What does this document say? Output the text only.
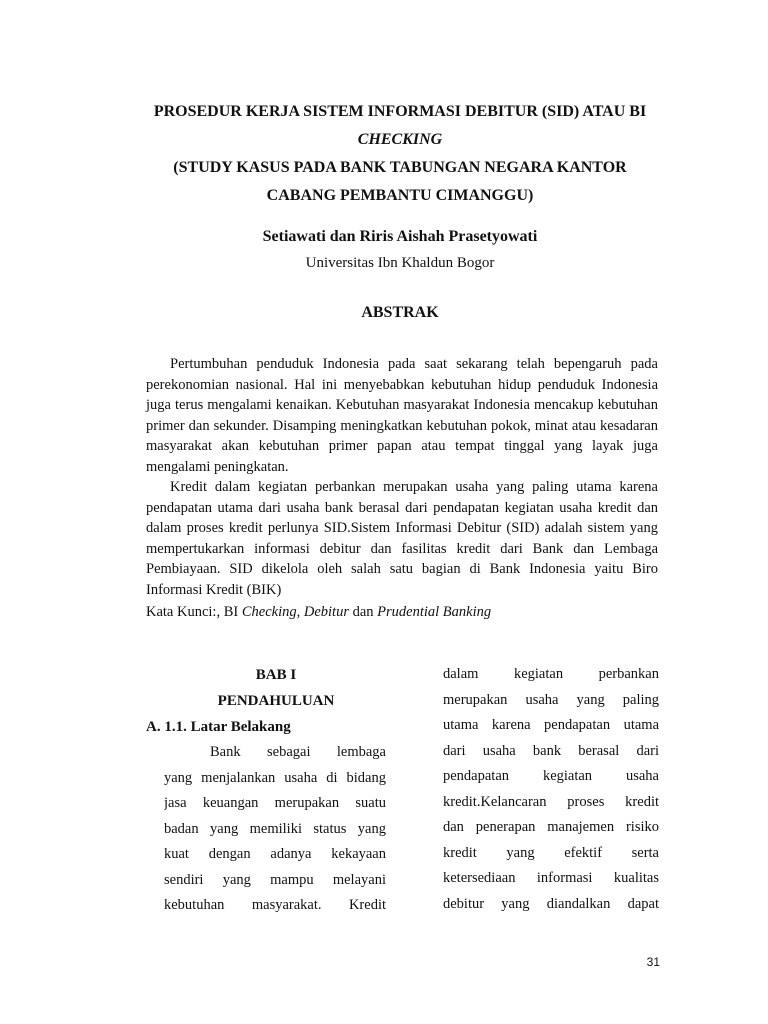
PROSEDUR KERJA SISTEM INFORMASI DEBITUR (SID) ATAU BI
CHECKING
(STUDY KASUS PADA BANK TABUNGAN NEGARA KANTOR
CABANG PEMBANTU CIMANGGU)
Setiawati dan Riris Aishah Prasetyowati
Universitas Ibn Khaldun Bogor
ABSTRAK

Pertumbuhan penduduk Indonesia pada saat sekarang telah bepengaruh pada perekonomian nasional. Hal ini menyebabkan kebutuhan hidup penduduk Indonesia juga terus mengalami kenaikan. Kebutuhan masyarakat Indonesia mencakup kebutuhan primer dan sekunder. Disamping meningkatkan kebutuhan pokok, minat atau kesadaran masyarakat akan kebutuhan primer papan atau tempat tinggal yang layak juga mengalami peningkatan.

Kredit dalam kegiatan perbankan merupakan usaha yang paling utama karena pendapatan utama dari usaha bank berasal dari pendapatan kegiatan usaha kredit dan dalam proses kredit perlunya SID.Sistem Informasi Debitur (SID) adalah sistem yang mempertukarkan informasi debitur dan fasilitas kredit dari Bank dan Lembaga Pembiayaan. SID dikelola oleh salah satu bagian di Bank Indonesia yaitu Biro Informasi Kredit (BIK)

Kata Kunci:, BI Checking, Debitur dan Prudential Banking
BAB I
PENDAHULUAN
A. 1.1. Latar Belakang
Bank sebagai lembaga
yang menjalankan usaha di bidang
jasa keuangan merupakan suatu
badan yang memiliki status yang
kuat dengan adanya kekayaan
sendiri yang mampu melayani
kebutuhan masyarakat. Kredit
dalam kegiatan perbankan
merupakan usaha yang paling
utama karena pendapatan utama
dari usaha bank berasal dari
pendapatan kegiatan usaha
kredit.Kelancaran proses kredit
dan penerapan manajemen risiko
kredit yang efektif serta
ketersediaan informasi kualitas
debitur yang diandalkan dapat
31
